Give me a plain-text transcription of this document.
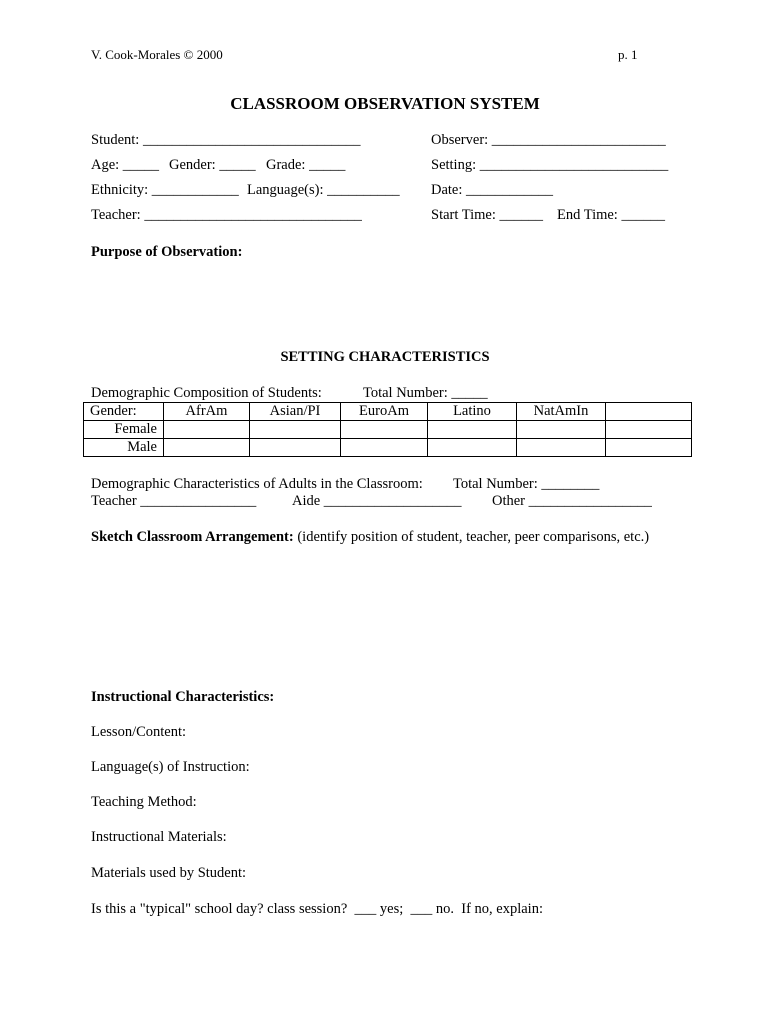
V. Cook-Morales © 2000	p. 1
CLASSROOM OBSERVATION SYSTEM
Student: ______________________________	Observer: ________________________
Age: _____ Gender: _____ Grade: _____	Setting: __________________________
Ethnicity: ____________ Language(s): __________ Date: ____________
Teacher: ______________________________	Start Time: ______ End Time: ______
Purpose of Observation:
SETTING CHARACTERISTICS
Demographic Composition of Students:	Total Number: _____
Gender:	AfrAm	Asian/PI	EuroAm	Latino	NatAmIn	
Female						
Male						
Demographic Characteristics of Adults in the Classroom: Total Number: ________
Teacher ________________ Aide ___________________ Other _________________
Sketch Classroom Arrangement: (identify position of student, teacher, peer comparisons, etc.)
Instructional Characteristics:
Lesson/Content:
Language(s) of Instruction:
Teaching Method:
Instructional Materials:
Materials used by Student:
Is this a "typical" school day? class session?  ___ yes;  ___ no.  If no, explain:
